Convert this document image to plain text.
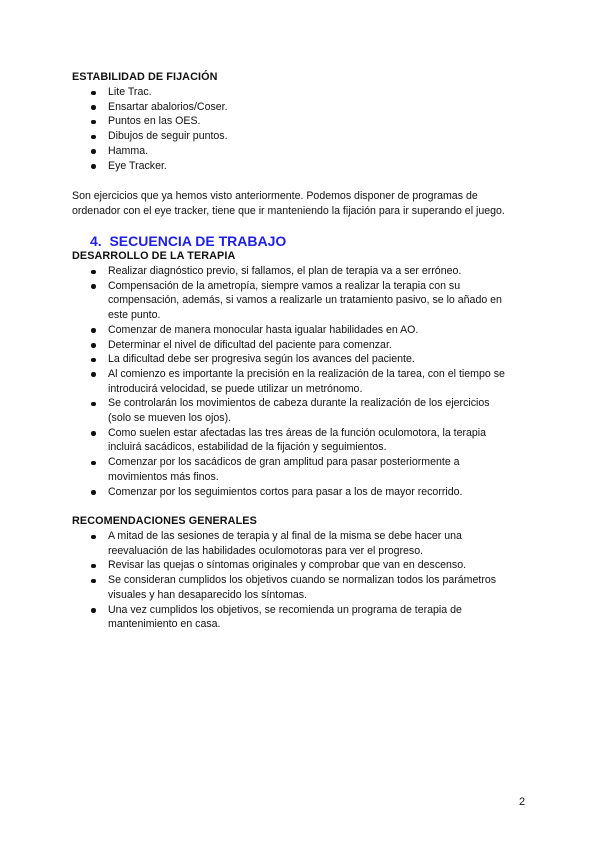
ESTABILIDAD DE FIJACIÓN
Lite Trac.
Ensartar abalorios/Coser.
Puntos en las OES.
Dibujos de seguir puntos.
Hamma.
Eye Tracker.

Son ejercicios que ya hemos visto anteriormente. Podemos disponer de programas de

ordenador con el eye tracker, tiene que ir manteniendo la fijación para ir superando el juego.

4. SECUENCIA DE TRABAJO
DESARROLLO DE LA TERAPIA
Realizar diagnóstico previo, si fallamos, el plan de terapia va a ser erróneo.
Compensación de la ametropía, siempre vamos a realizar la terapia con su
compensación, además, si vamos a realizarle un tratamiento pasivo, se lo añado en
este punto.
Comenzar de manera monocular hasta igualar habilidades en AO.
Determinar el nivel de dificultad del paciente para comenzar.
La dificultad debe ser progresiva según los avances del paciente.
Al comienzo es importante la precisión en la realización de la tarea, con el tiempo se
introducirá velocidad, se puede utilizar un metrónomo.
Se controlarán los movimientos de cabeza durante la realización de los ejercicios
(solo se mueven los ojos).
Como suelen estar afectadas las tres áreas de la función oculomotora, la terapia
incluirá sacádicos, estabilidad de la fijación y seguimientos.
Comenzar por los sacádicos de gran amplitud para pasar posteriormente a
movimientos más finos.
Comenzar por los seguimientos cortos para pasar a los de mayor recorrido.
RECOMENDACIONES GENERALES
A mitad de las sesiones de terapia y al final de la misma se debe hacer una
reevaluación de las habilidades oculomotoras para ver el progreso.
Revisar las quejas o síntomas originales y comprobar que van en descenso.
Se consideran cumplidos los objetivos cuando se normalizan todos los parámetros
visuales y han desaparecido los síntomas.
Una vez cumplidos los objetivos, se recomienda un programa de terapia de
mantenimiento en casa.
2
